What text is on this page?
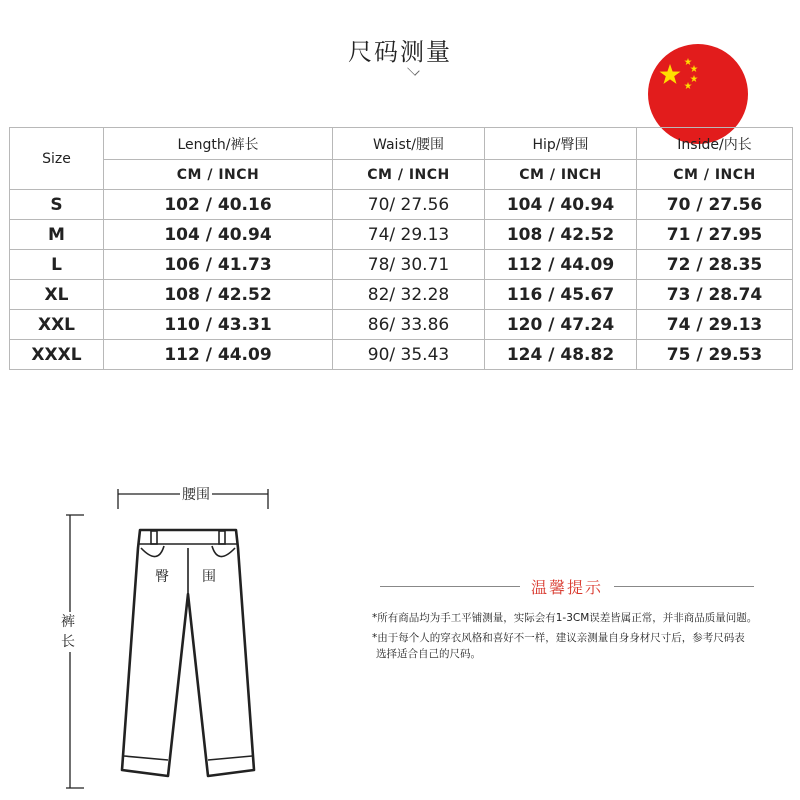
尺码测量
Size	Length/裤长	Waist/腰围	Hip/臀围	Inside/内长
	CM / INCH	CM / INCH	CM / INCH	CM / INCH
S	102 / 40.16	70/ 27.56	104 / 40.94	70 / 27.56
M	104 / 40.94	74/ 29.13	108 / 42.52	71 / 27.95
L	106 / 41.73	78/ 30.71	112 / 44.09	72 / 28.35
XL	108 / 42.52	82/ 32.28	116 / 45.67	73 / 28.74
XXL	110 / 43.31	86/ 33.86	120 / 47.24	74 / 29.13
XXXL	112 / 44.09	90/ 35.43	124 / 48.82	75 / 29.53
腰围
裤
长
臀 围
温馨提示
*所有商品均为手工平铺测量，实际会有1-3CM误差皆属正常，并非商品质量问题。
*由于每个人的穿衣风格和喜好不一样，建议亲测量自身身材尺寸后，参考尺码表
选择适合自己的尺码。
